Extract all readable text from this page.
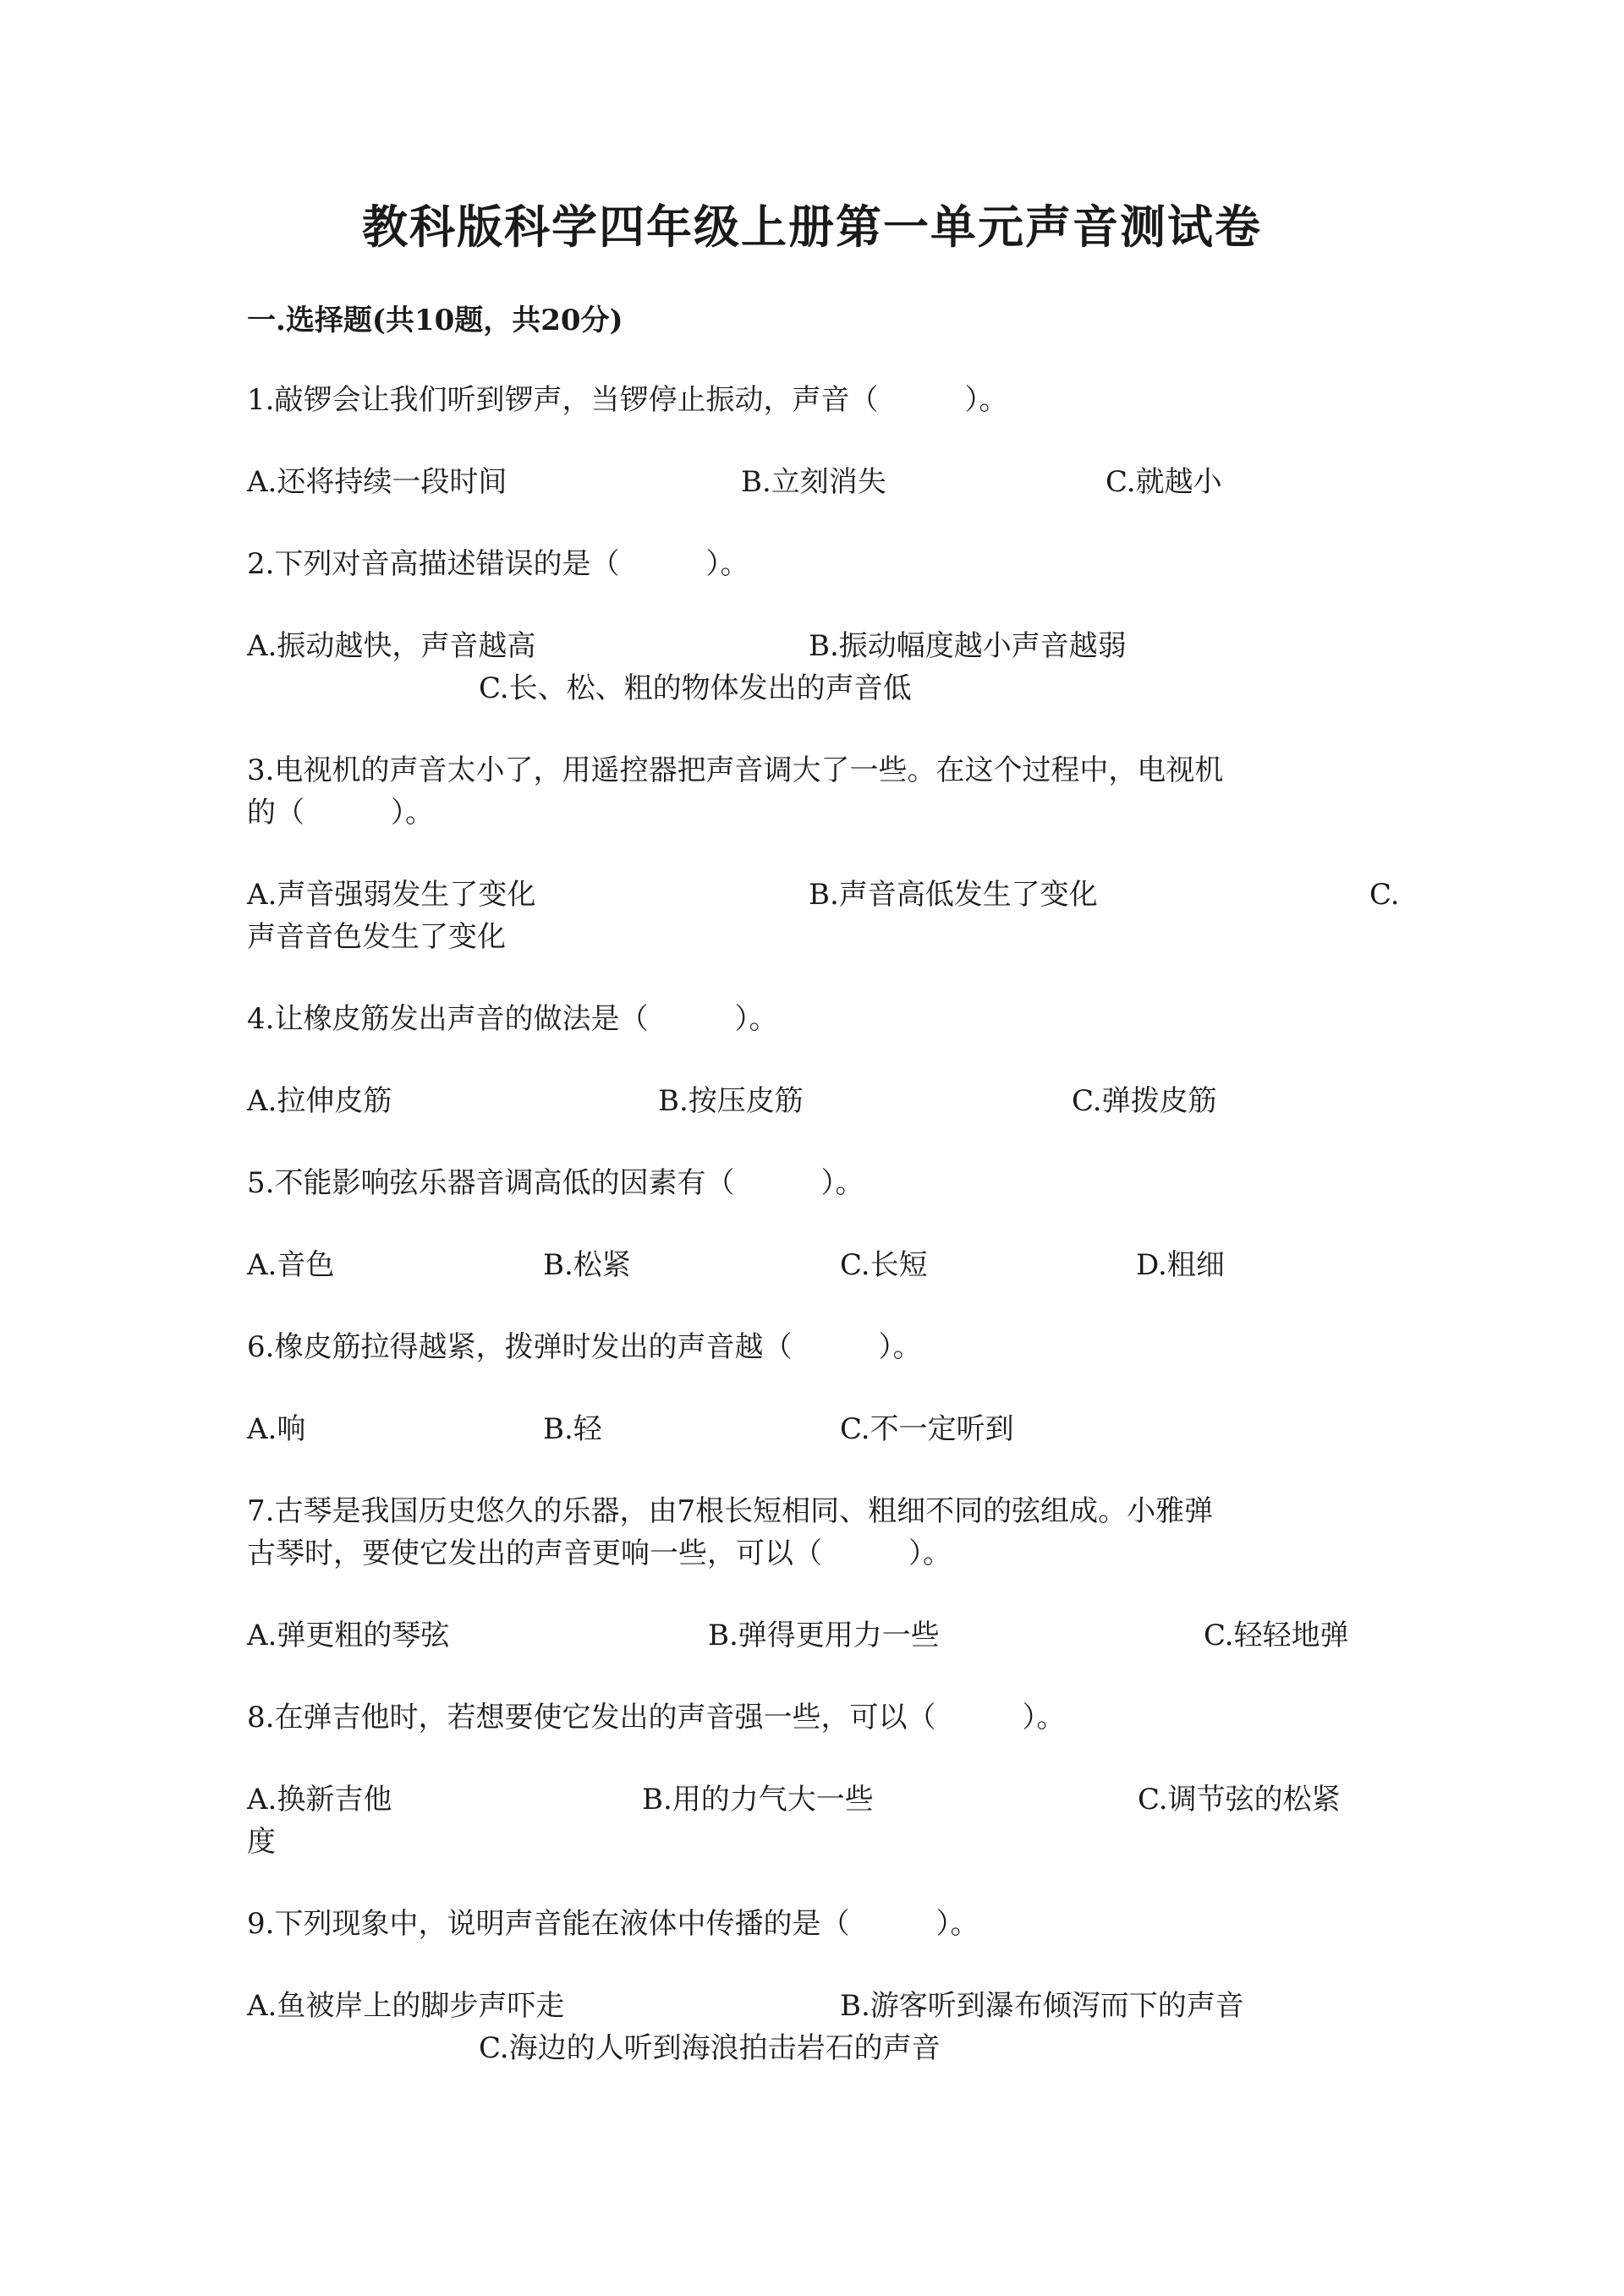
教科版科学四年级上册第一单元声音测试卷
一.选择题(共10题，共20分)
1.敲锣会让我们听到锣声，当锣停止振动，声音（　　　）。
A.还将持续一段时间	B.立刻消失	C.就越小
2.下列对音高描述错误的是（　　　）。
A.振动越快，声音越高	B.振动幅度越小声音越弱
C.长、松、粗的物体发出的声音低
3.电视机的声音太小了，用遥控器把声音调大了一些。在这个过程中，电视机
的（　　　）。
A.声音强弱发生了变化	B.声音高低发生了变化	C.
声音音色发生了变化
4.让橡皮筋发出声音的做法是（　　　）。
A.拉伸皮筋	B.按压皮筋	C.弹拨皮筋
5.不能影响弦乐器音调高低的因素有（　　　）。
A.音色	B.松紧	C.长短	D.粗细
6.橡皮筋拉得越紧，拨弹时发出的声音越（　　　）。
A.响	B.轻	C.不一定听到
7.古琴是我国历史悠久的乐器，由7根长短相同、粗细不同的弦组成。小雅弹
古琴时，要使它发出的声音更响一些，可以（　　　）。
A.弹更粗的琴弦	B.弹得更用力一些	C.轻轻地弹
8.在弹吉他时，若想要使它发出的声音强一些，可以（　　　）。
A.换新吉他	B.用的力气大一些	C.调节弦的松紧
度
9.下列现象中，说明声音能在液体中传播的是（　　　）。
A.鱼被岸上的脚步声吓走	B.游客听到瀑布倾泻而下的声音
C.海边的人听到海浪拍击岩石的声音
